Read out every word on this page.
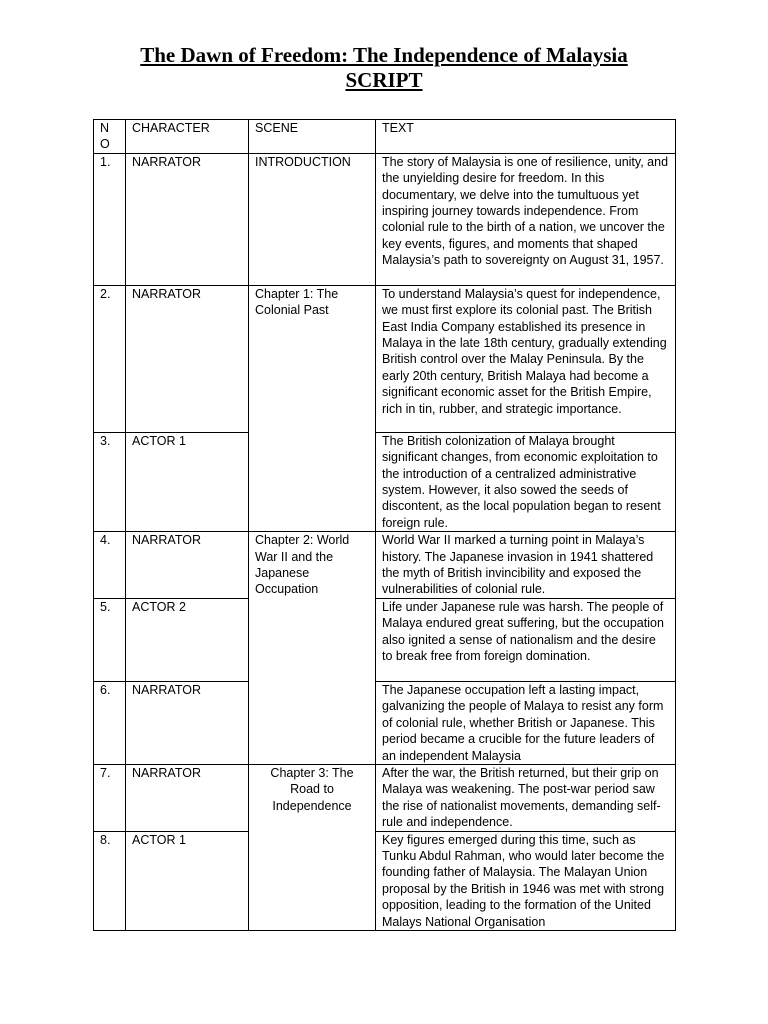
The Dawn of Freedom: The Independence of Malaysia
SCRIPT
NO	CHARACTER	SCENE	TEXT
1.	NARRATOR	INTRODUCTION	The story of Malaysia is one of resilience, unity, and the unyielding desire for freedom. In this documentary, we delve into the tumultuous yet inspiring journey towards independence. From colonial rule to the birth of a nation, we uncover the key events, figures, and moments that shaped Malaysia’s path to sovereignty on August 31, 1957.
2.	NARRATOR	Chapter 1: The Colonial Past	To understand Malaysia’s quest for independence, we must first explore its colonial past. The British East India Company established its presence in Malaya in the late 18th century, gradually extending British control over the Malay Peninsula. By the early 20th century, British Malaya had become a significant economic asset for the British Empire, rich in tin, rubber, and strategic importance.
3.	ACTOR 1		The British colonization of Malaya brought significant changes, from economic exploitation to the introduction of a centralized administrative system. However, it also sowed the seeds of discontent, as the local population began to resent foreign rule.
4.	NARRATOR	Chapter 2: World War II and the Japanese Occupation	World War II marked a turning point in Malaya’s history. The Japanese invasion in 1941 shattered the myth of British invincibility and exposed the vulnerabilities of colonial rule.
5.	ACTOR 2		Life under Japanese rule was harsh. The people of Malaya endured great suffering, but the occupation also ignited a sense of nationalism and the desire to break free from foreign domination.
6.	NARRATOR		The Japanese occupation left a lasting impact, galvanizing the people of Malaya to resist any form of colonial rule, whether British or Japanese. This period became a crucible for the future leaders of an independent Malaysia
7.	NARRATOR	Chapter 3: The Road to Independence	After the war, the British returned, but their grip on Malaya was weakening. The post-war period saw the rise of nationalist movements, demanding self-rule and independence.
8.	ACTOR 1		Key figures emerged during this time, such as Tunku Abdul Rahman, who would later become the founding father of Malaysia. The Malayan Union proposal by the British in 1946 was met with strong opposition, leading to the formation of the United Malays National Organisation
